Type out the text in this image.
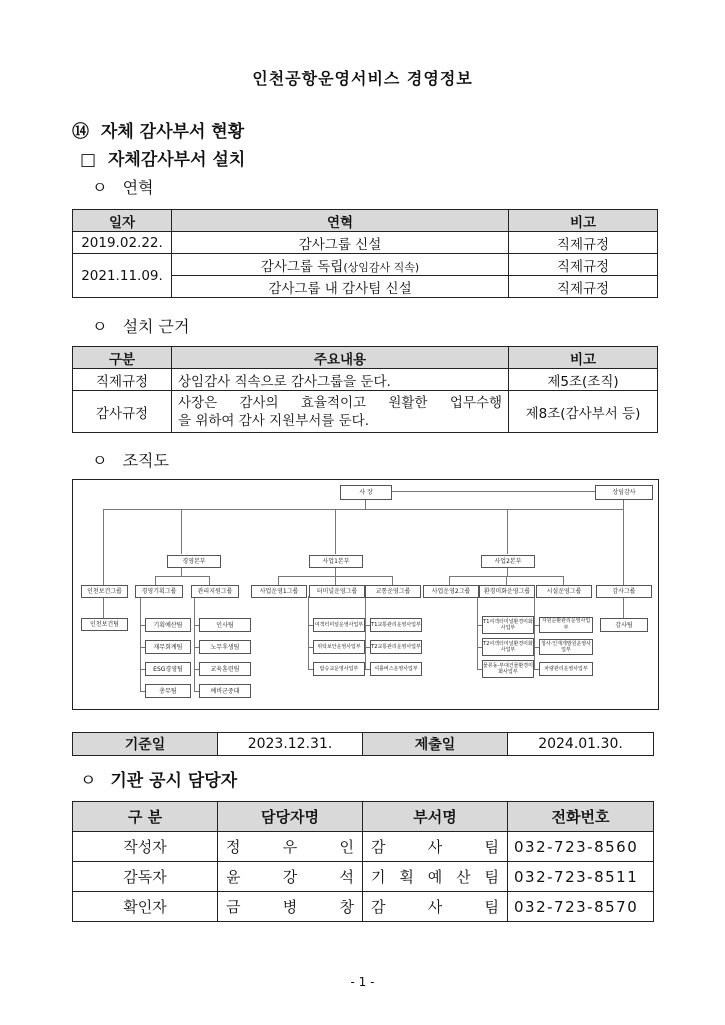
인천공항운영서비스 경영정보
⑭ 자체 감사부서 현황
□ 자체감사부서 설치
ㅇ 연혁
일자	연혁	비고
2019.02.22.	감사그룹 신설	직제규정
2021.11.09.	감사그룹 독립(상임감사 직속)	직제규정
	감사그룹 내 감사팀 신설	직제규정
ㅇ 설치 근거
구분	주요내용	비고
직제규정	상임감사 직속으로 감사그룹을 둔다.	제5조(조직)
감사규정	사장은 감사의 효율적이고 원활한 업무수행
을 위하여 감사 지원부서를 둔다.	제8조(감사부서 등)
ㅇ 조직도
사 장	상임감사
경영본부	사업1본부	사업2본부
인천보건그룹	경영기획그룹	관리지원그룹	사업운영1그룹	터미널운영그룹	교통운영그룹	사업운영2그룹	환경미화운영그룹	시설운영그룹	감사그룹
인천보건팀	기획예산팀
재무회계팀
ESG경영팀
총무팀
인사팀
노무후생팀
교육훈련팀
예비군중대
여객터미널운영사업부
위탁보안운영사업부
탑승교운영사업부
T1교통관리운영사업부
T2교통관리운영사업부
셔틀버스운영사업부
T1여객터미널환경미화사업부
T2여객터미널환경미화사업부
물류동·부대건물환경미화사업부
자원순환관리운영사업부
청사·인재개발원운영사업부
차량관리운영사업부
감사팀
기준일	2023.12.31.	제출일	2024.01.30.
ㅇ 기관 공시 담당자
구 분	담당자명	부서명	전화번호
작성자	정 우 인	감 사 팀	032-723-8560
감독자	윤 강 석	기 획 예 산 팀	032-723-8511
확인자	금 병 창	감 사 팀	032-723-8570
- 1 -
